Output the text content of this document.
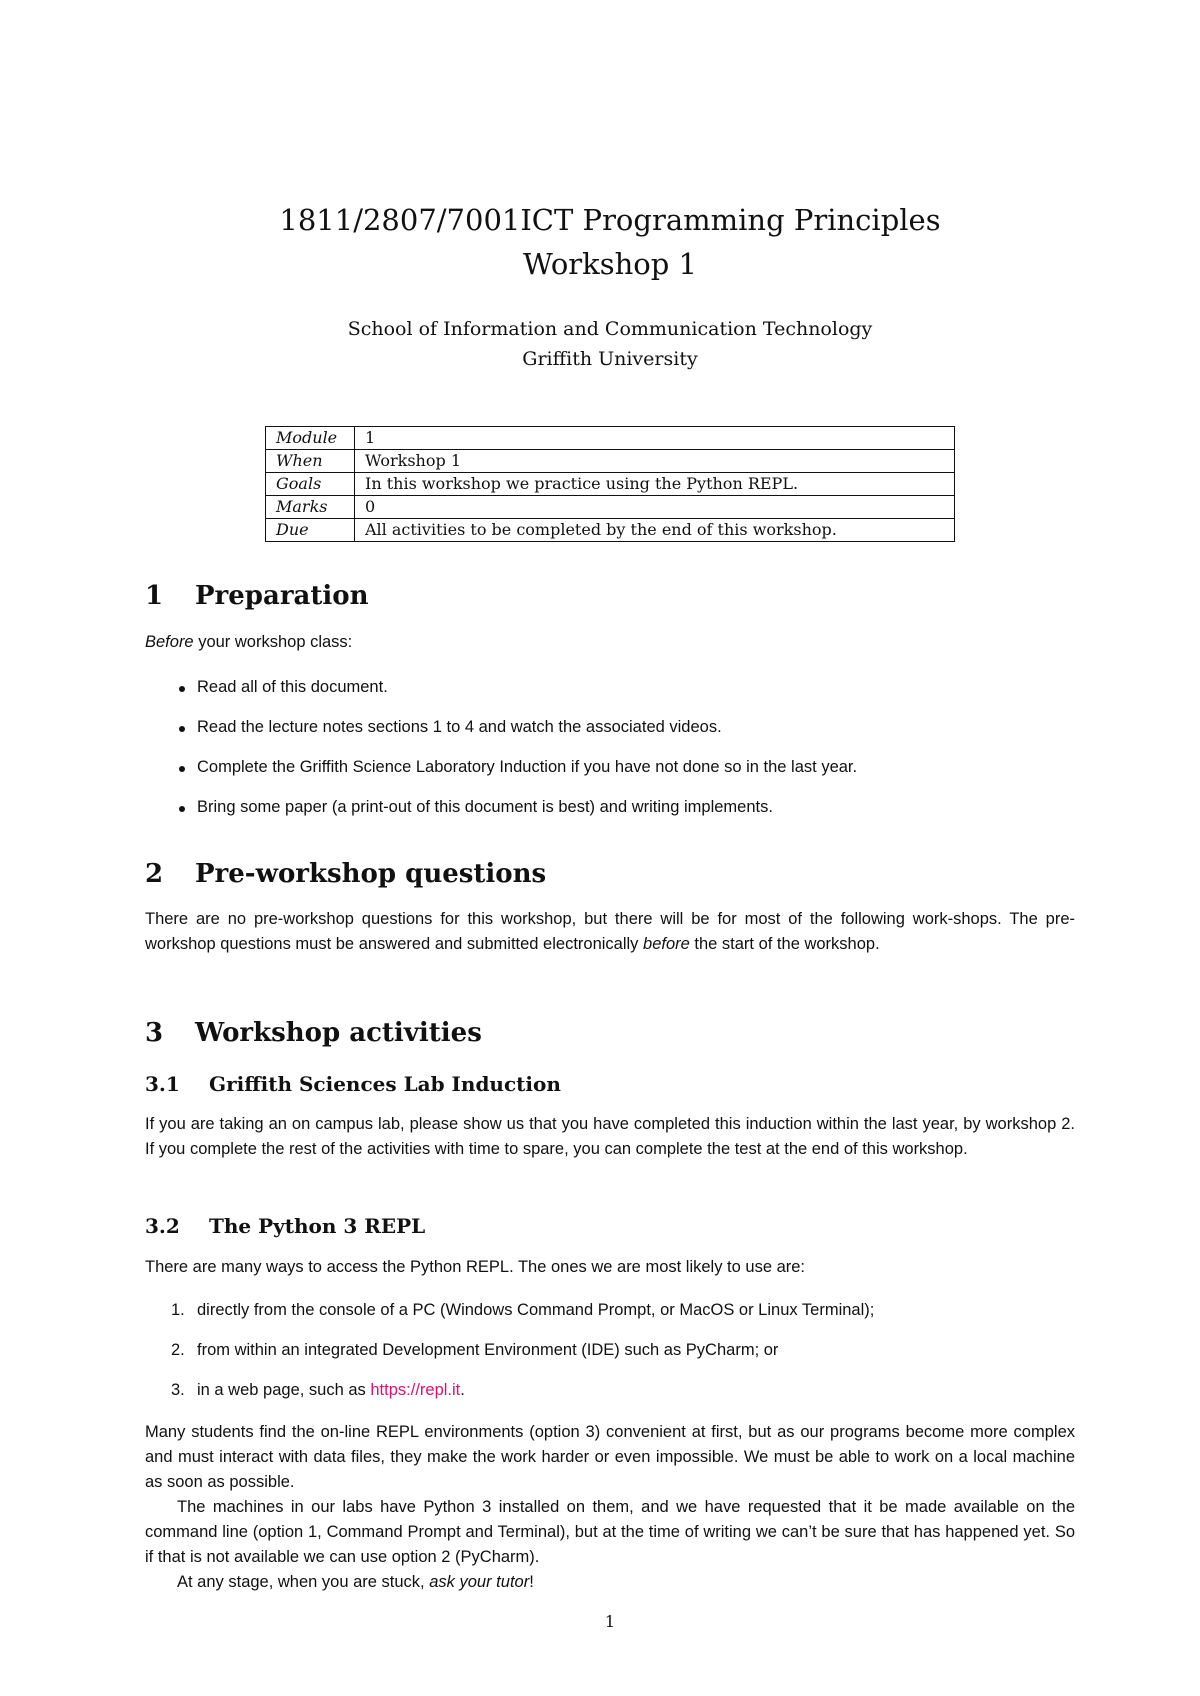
1811/2807/7001ICT Programming Principles
Workshop 1
School of Information and Communication Technology
Griffith University
Module	1
When	Workshop 1
Goals	In this workshop we practice using the Python REPL.
Marks	0
Due	All activities to be completed by the end of this workshop.
1 Preparation

Before your workshop class:

Read all of this document.
Read the lecture notes sections 1 to 4 and watch the associated videos.
Complete the Griffith Science Laboratory Induction if you have not done so in the last year.
Bring some paper (a print-out of this document is best) and writing implements.
2 Pre-workshop questions

There are no pre-workshop questions for this workshop, but there will be for most of the following work-shops. The pre-workshop questions must be answered and submitted electronically before the start of the workshop.

3 Workshop activities
3.1 Griffith Sciences Lab Induction

If you are taking an on campus lab, please show us that you have completed this induction within the last year, by workshop 2. If you complete the rest of the activities with time to spare, you can complete the test at the end of this workshop.

3.2 The Python 3 REPL

There are many ways to access the Python REPL. The ones we are most likely to use are:

1. directly from the console of a PC (Windows Command Prompt, or MacOS or Linux Terminal);
2. from within an integrated Development Environment (IDE) such as PyCharm; or
3. in a web page, such as https://repl.it.

Many students find the on-line REPL environments (option 3) convenient at first, but as our programs become more complex and must interact with data files, they make the work harder or even impossible. We must be able to work on a local machine as soon as possible.

The machines in our labs have Python 3 installed on them, and we have requested that it be made available on the command line (option 1, Command Prompt and Terminal), but at the time of writing we can’t be sure that has happened yet. So if that is not available we can use option 2 (PyCharm).

At any stage, when you are stuck, ask your tutor!

1
